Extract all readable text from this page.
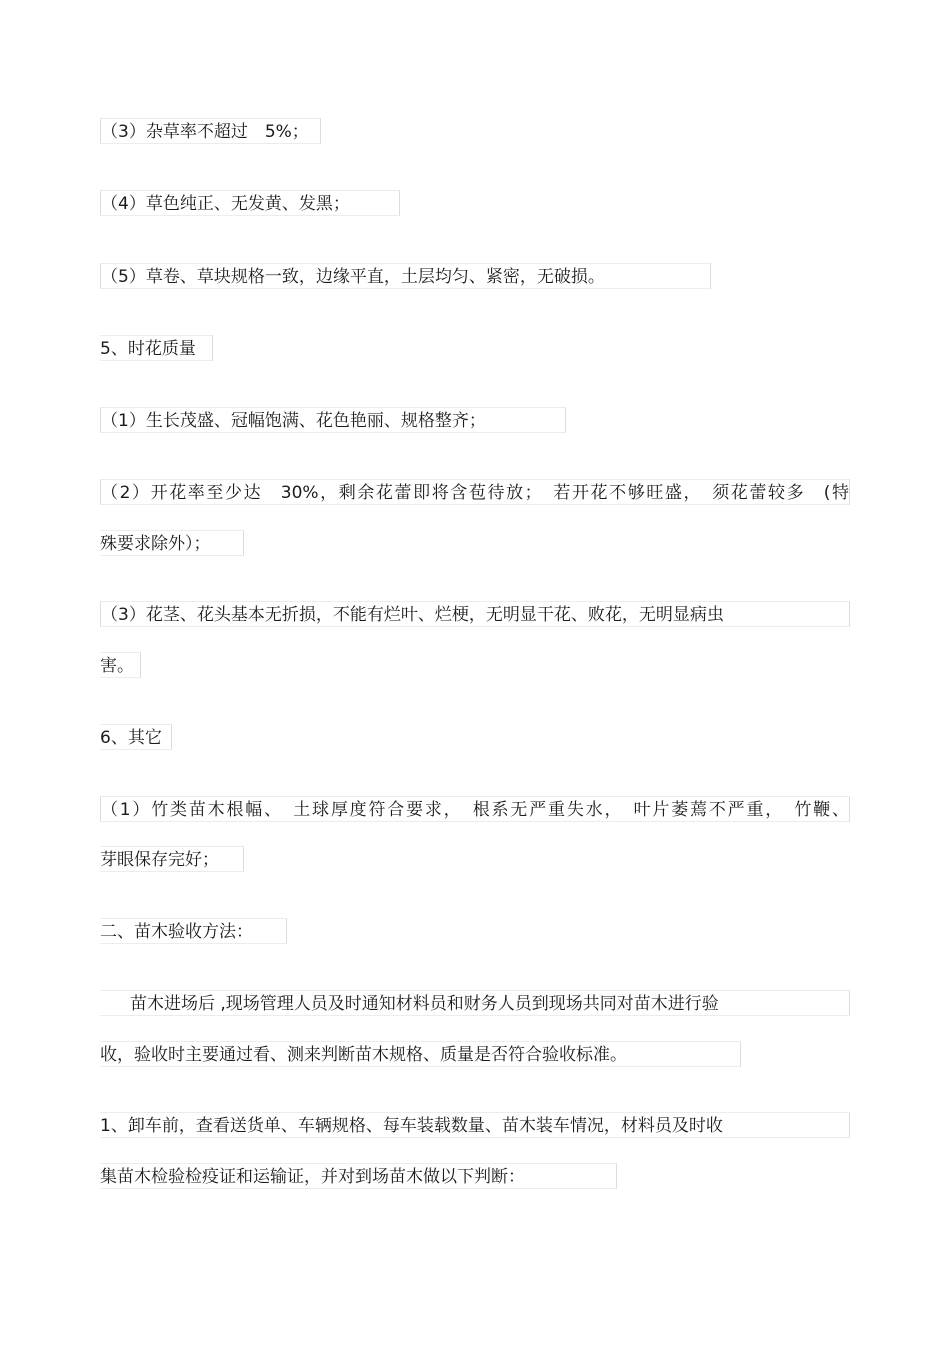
（3）杂草率不超过　5%；
（4）草色纯正、无发黄、发黑；
（5）草卷、草块规格一致，边缘平直，土层均匀、紧密，无破损。
5、时花质量
（1）生长茂盛、冠幅饱满、花色艳丽、规格整齐；
（2）开花率至少达　30%，剩余花蕾即将含苞待放；　若开花不够旺盛，　须花蕾较多　(特
殊要求除外）；
（3）花茎、花头基本无折损，不能有烂叶、烂梗，无明显干花、败花，无明显病虫
害。
6、其它
（1）竹类苗木根幅、　土球厚度符合要求，　根系无严重失水，　叶片萎蔫不严重，　竹鞭、
芽眼保存完好；
二、苗木验收方法：
苗木进场后 ,现场管理人员及时通知材料员和财务人员到现场共同对苗木进行验
收，验收时主要通过看、测来判断苗木规格、质量是否符合验收标准。
1、卸车前，查看送货单、车辆规格、每车装载数量、苗木装车情况，材料员及时收
集苗木检验检疫证和运输证，并对到场苗木做以下判断：
